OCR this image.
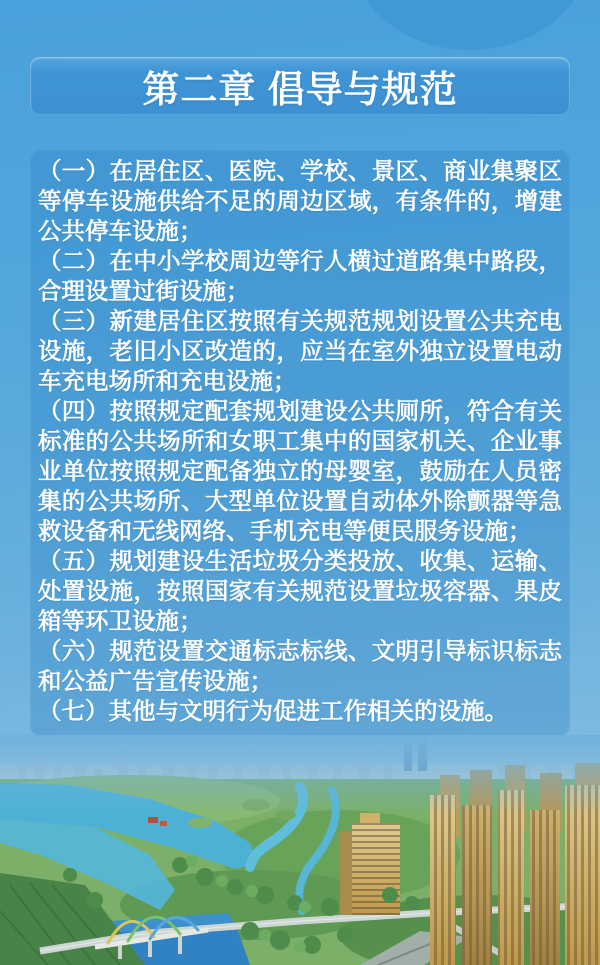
第二章 倡导与规范

（一）在居住区、医院、学校、景区、商业集聚区等停车设施供给不足的周边区域，有条件的，增建公共停车设施；

（二）在中小学校周边等行人横过道路集中路段，合理设置过街设施；

（三）新建居住区按照有关规范规划设置公共充电设施，老旧小区改造的，应当在室外独立设置电动车充电场所和充电设施；

（四）按照规定配套规划建设公共厕所，符合有关标准的公共场所和女职工集中的国家机关、企业事业单位按照规定配备独立的母婴室，鼓励在人员密集的公共场所、大型单位设置自动体外除颤器等急救设备和无线网络、手机充电等便民服务设施；

（五）规划建设生活垃圾分类投放、收集、运输、处置设施，按照国家有关规范设置垃圾容器、果皮箱等环卫设施；

（六）规范设置交通标志标线、文明引导标识标志和公益广告宣传设施；

（七）其他与文明行为促进工作相关的设施。
